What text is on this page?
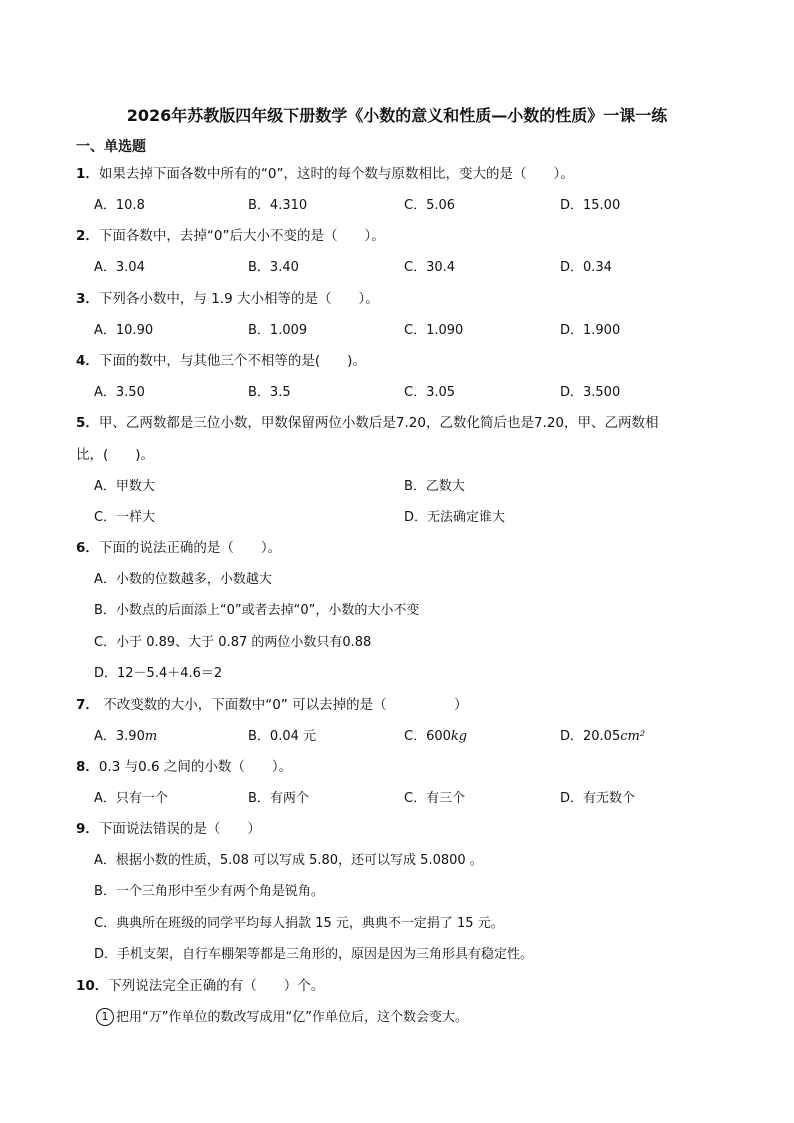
2026年苏教版四年级下册数学《小数的意义和性质—小数的性质》一课一练
一、单选题
1．如果去掉下面各数中所有的“0”，这时的每个数与原数相比，变大的是（　　）。
A．10.8	B．4.310	C．5.06	D．15.00
2．下面各数中，去掉“0”后大小不变的是（　　）。
A．3.04	B．3.40	C．30.4	D．0.34
3．下列各小数中，与 1.9 大小相等的是（　　）。
A．10.90	B．1.009	C．1.090	D．1.900
4．下面的数中，与其他三个不相等的是(　　)。
A．3.50	B．3.5	C．3.05	D．3.500
5．甲、乙两数都是三位小数，甲数保留两位小数后是7.20，乙数化简后也是7.20，甲、乙两数相
比，(　　)。
A．甲数大	B．乙数大
C．一样大	D．无法确定谁大
6．下面的说法正确的是（　　）。
A．小数的位数越多，小数越大
B．小数点的后面添上“0”或者去掉“0”，小数的大小不变
C．小于 0.89、大于 0.87 的两位小数只有0.88
D．12－5.4＋4.6＝2
7． 不改变数的大小，下面数中“0” 可以去掉的是（　　　　　）
A．3.90m	B．0.04 元	C．600kg	D．20.05cm²
8．0.3 与0.6 之间的小数（　　）。
A．只有一个	B．有两个	C．有三个	D．有无数个
9．下面说法错误的是（　　）
A．根据小数的性质，5.08 可以写成 5.80，还可以写成 5.0800 。
B．一个三角形中至少有两个角是锐角。
C．典典所在班级的同学平均每人捐款 15 元，典典不一定捐了 15 元。
D．手机支架，自行车棚架等都是三角形的，原因是因为三角形具有稳定性。
10．下列说法完全正确的有（　　）个。
1 把用“万”作单位的数改写成用“亿”作单位后，这个数会变大。
